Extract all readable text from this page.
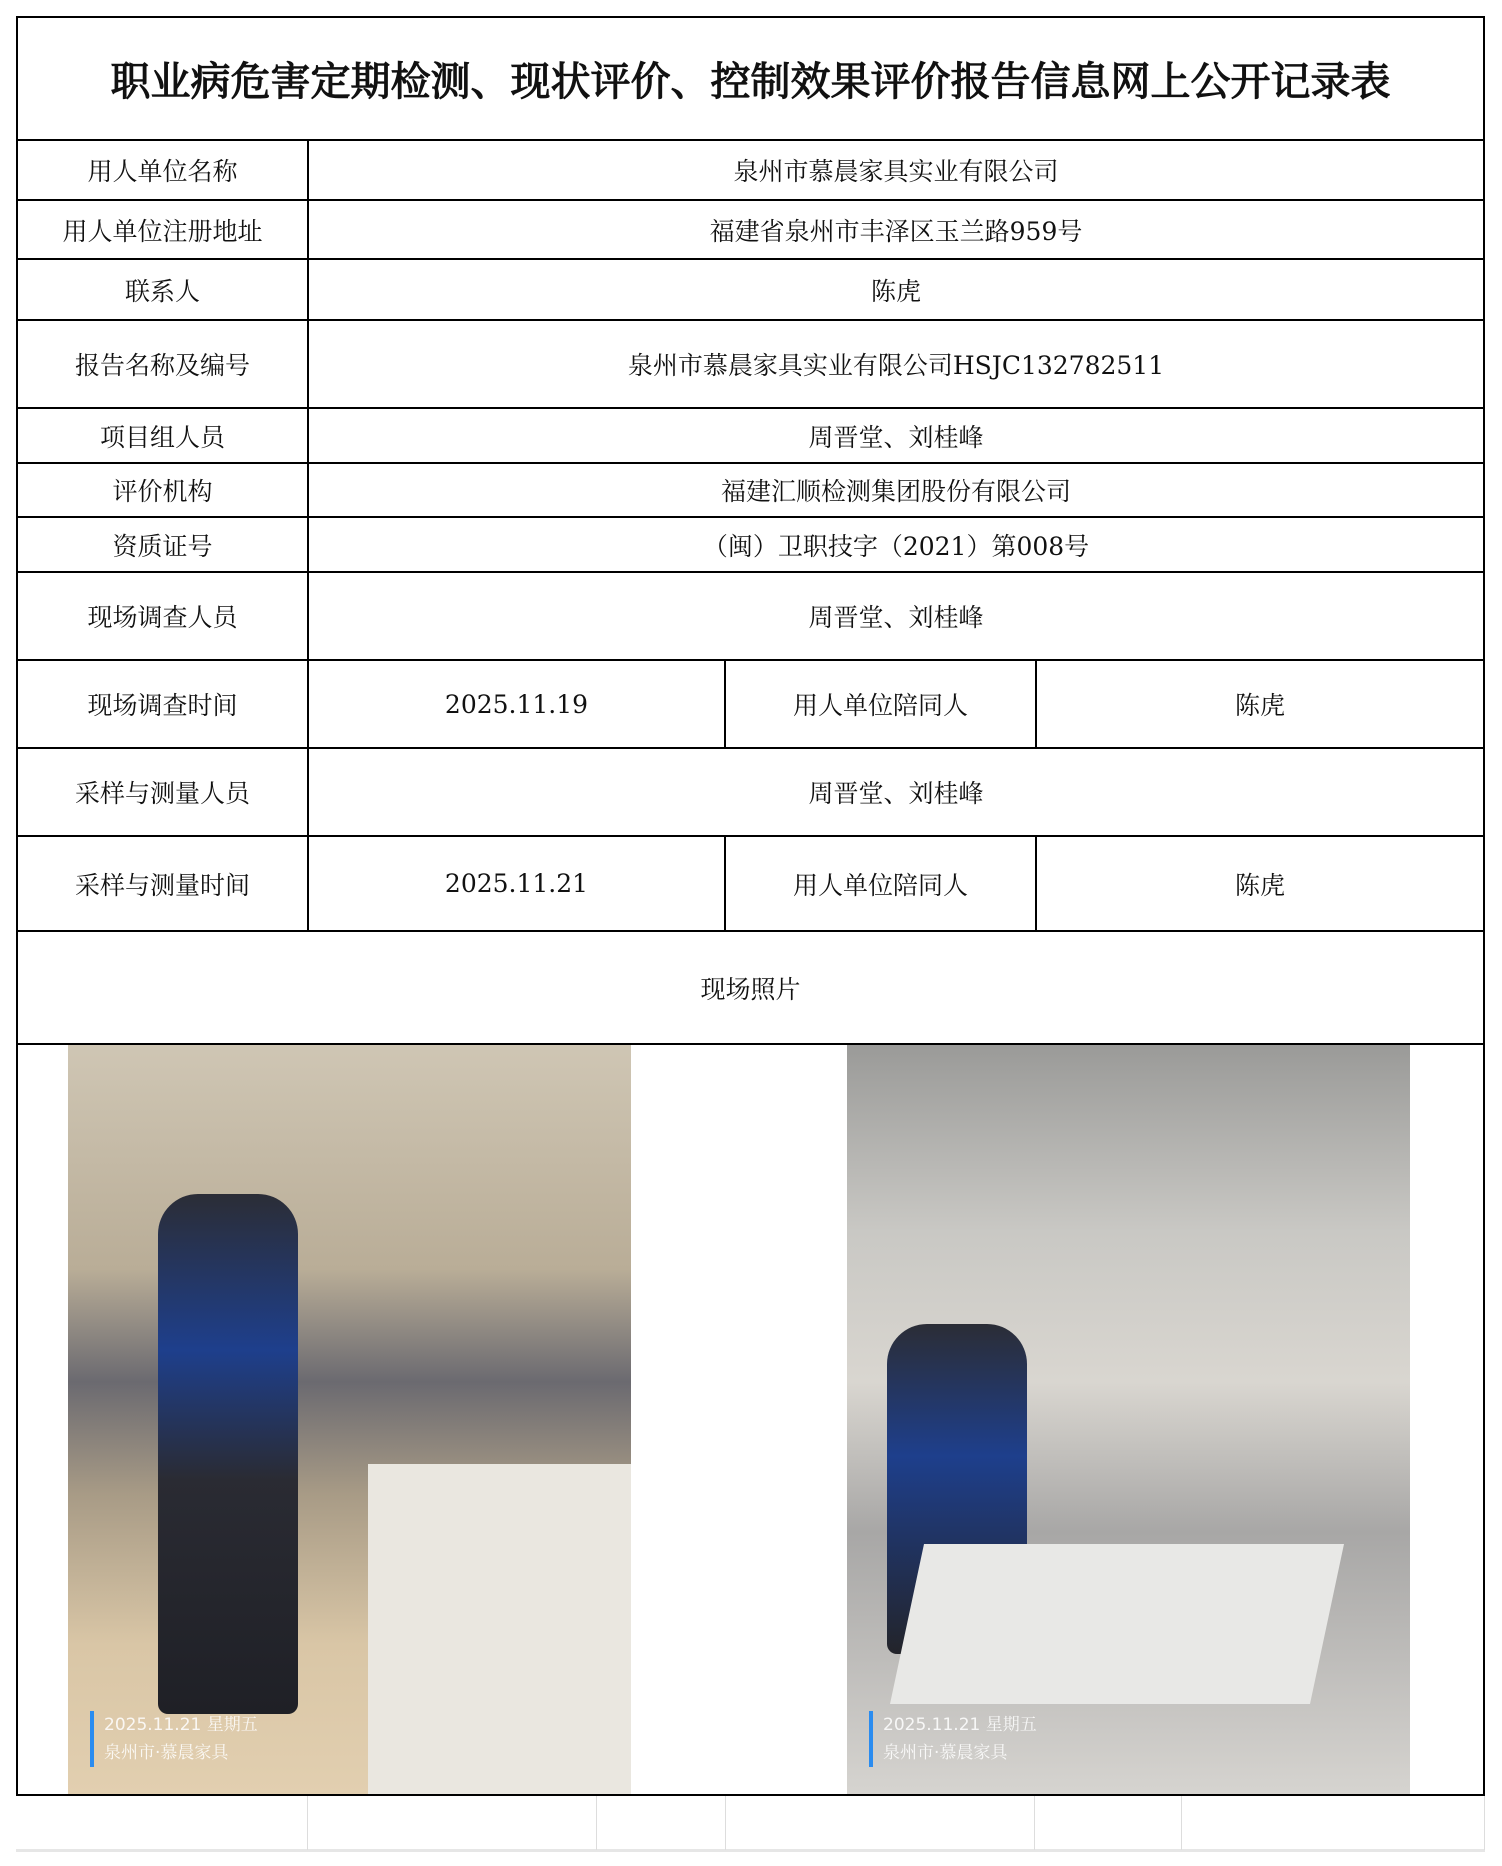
职业病危害定期检测、现状评价、控制效果评价报告信息网上公开记录表
用人单位名称	泉州市慕晨家具实业有限公司
用人单位注册地址	福建省泉州市丰泽区玉兰路959号
联系人	陈虎
报告名称及编号	泉州市慕晨家具实业有限公司HSJC132782511
项目组人员	周晋堂、刘桂峰
评价机构	福建汇顺检测集团股份有限公司
资质证号	（闽）卫职技字（2021）第008号
现场调查人员	周晋堂、刘桂峰
现场调查时间	2025.11.19	用人单位陪同人	陈虎
采样与测量人员	周晋堂、刘桂峰
采样与测量时间	2025.11.21	用人单位陪同人	陈虎
现场照片
2025.11.21 星期五
泉州市·慕晨家具
2025.11.21 星期五
泉州市·慕晨家具
